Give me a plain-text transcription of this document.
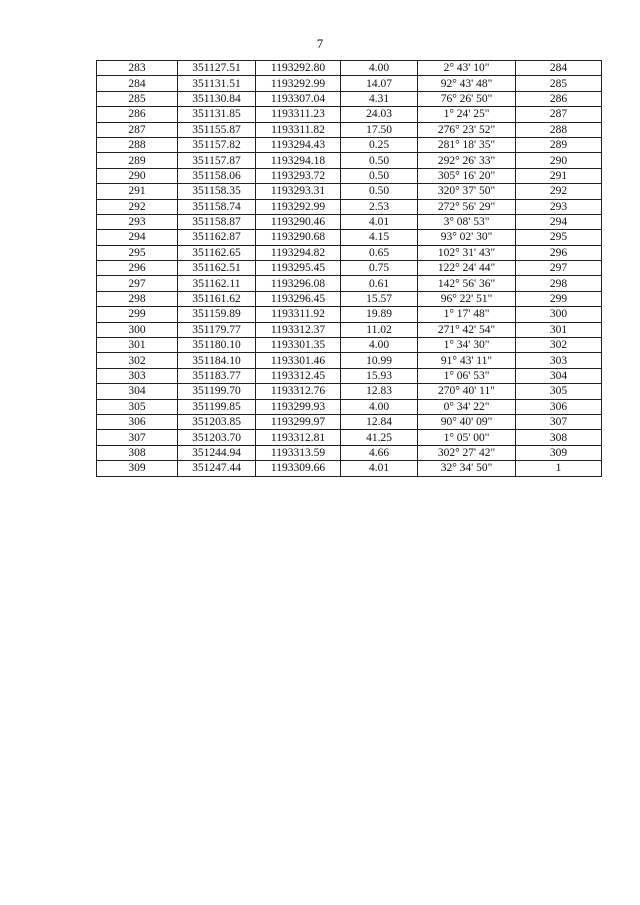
7
283	351127.51	1193292.80	4.00	2° 43' 10"	284
284	351131.51	1193292.99	14.07	92° 43' 48"	285
285	351130.84	1193307.04	4.31	76° 26' 50"	286
286	351131.85	1193311.23	24.03	1° 24' 25"	287
287	351155.87	1193311.82	17.50	276° 23' 52"	288
288	351157.82	1193294.43	0.25	281° 18' 35"	289
289	351157.87	1193294.18	0.50	292° 26' 33"	290
290	351158.06	1193293.72	0.50	305° 16' 20"	291
291	351158.35	1193293.31	0.50	320° 37' 50"	292
292	351158.74	1193292.99	2.53	272° 56' 29"	293
293	351158.87	1193290.46	4.01	3° 08' 53"	294
294	351162.87	1193290.68	4.15	93° 02' 30"	295
295	351162.65	1193294.82	0.65	102° 31' 43"	296
296	351162.51	1193295.45	0.75	122° 24' 44"	297
297	351162.11	1193296.08	0.61	142° 56' 36"	298
298	351161.62	1193296.45	15.57	96° 22' 51"	299
299	351159.89	1193311.92	19.89	1° 17' 48"	300
300	351179.77	1193312.37	11.02	271° 42' 54"	301
301	351180.10	1193301.35	4.00	1° 34' 30"	302
302	351184.10	1193301.46	10.99	91° 43' 11"	303
303	351183.77	1193312.45	15.93	1° 06' 53"	304
304	351199.70	1193312.76	12.83	270° 40' 11"	305
305	351199.85	1193299.93	4.00	0° 34' 22"	306
306	351203.85	1193299.97	12.84	90° 40' 09"	307
307	351203.70	1193312.81	41.25	1° 05' 00"	308
308	351244.94	1193313.59	4.66	302° 27' 42"	309
309	351247.44	1193309.66	4.01	32° 34' 50"	1
